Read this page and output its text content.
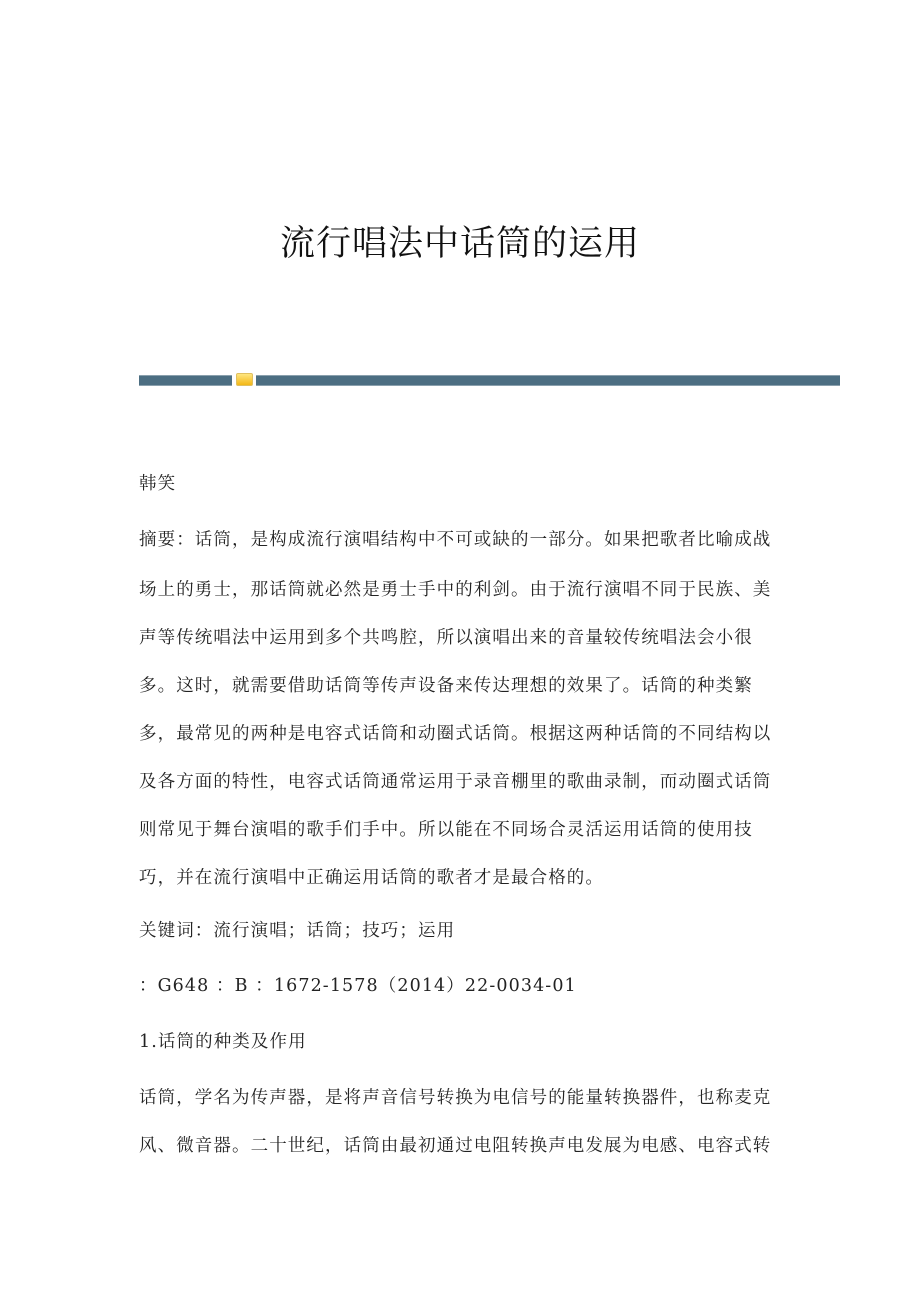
流行唱法中话筒的运用
韩笑
摘要：话筒，是构成流行演唱结构中不可或缺的一部分。如果把歌者比喻成战
场上的勇士，那话筒就必然是勇士手中的利剑。由于流行演唱不同于民族、美
声等传统唱法中运用到多个共鸣腔，所以演唱出来的音量较传统唱法会小很
多。这时，就需要借助话筒等传声设备来传达理想的效果了。话筒的种类繁
多，最常见的两种是电容式话筒和动圈式话筒。根据这两种话筒的不同结构以
及各方面的特性，电容式话筒通常运用于录音棚里的歌曲录制，而动圈式话筒
则常见于舞台演唱的歌手们手中。所以能在不同场合灵活运用话筒的使用技
巧，并在流行演唱中正确运用话筒的歌者才是最合格的。
关键词：流行演唱；话筒；技巧；运用
：G648 ：B ：1672-1578（2014）22-0034-01
1.话筒的种类及作用
话筒，学名为传声器，是将声音信号转换为电信号的能量转换器件，也称麦克
风、微音器。二十世纪，话筒由最初通过电阻转换声电发展为电感、电容式转
